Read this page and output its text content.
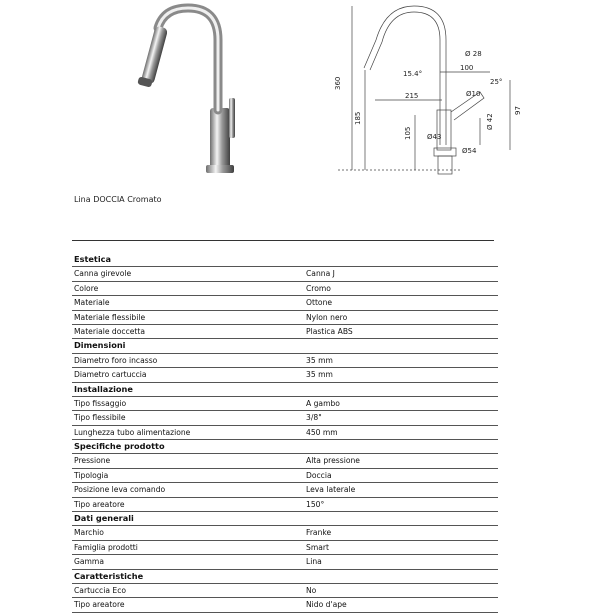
360
185
105
215
15.4°
Ø 28
100
25°
Ø10
97
Ø 42
Ø43
Ø54
Lina DOCCIA Cromato
Estetica
Canna girevole	Canna J
Colore	Cromo
Materiale	Ottone
Materiale flessibile	Nylon nero
Materiale doccetta	Plastica ABS
Dimensioni
Diametro foro incasso	35 mm
Diametro cartuccia	35 mm
Installazione
Tipo fissaggio	A gambo
Tipo flessibile	3/8"
Lunghezza tubo alimentazione	450 mm
Specifiche prodotto
Pressione	Alta pressione
Tipologia	Doccia
Posizione leva comando	Leva laterale
Tipo areatore	150°
Dati generali
Marchio	Franke
Famiglia prodotti	Smart
Gamma	Lina
Caratteristiche
Cartuccia Eco	No
Tipo areatore	Nido d'ape
